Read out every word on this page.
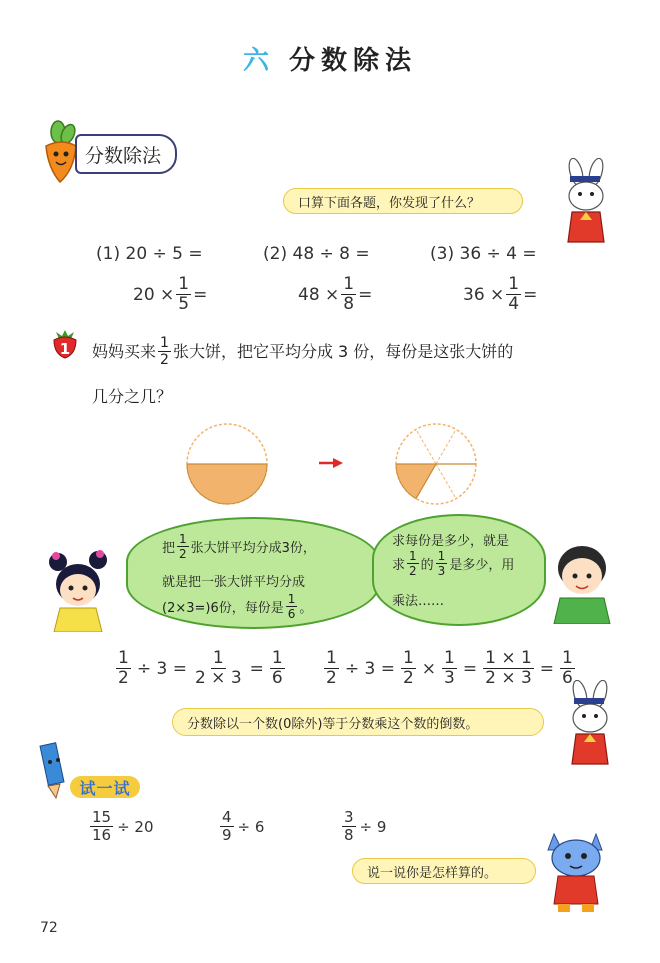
六 分数除法
分数除法
口算下面各题，你发现了什么？
(1) 20 ÷ 5 =	(2) 48 ÷ 8 =	(3) 36 ÷ 4 =
$20 \times \frac{1}{5}$ =	$48 \times \frac{1}{8}$ =	$36 \times \frac{1}{4}$ =
1 妈妈买来 $\frac{1}{2}$ 张大饼，把它平均分成 3 份，每份是这张大饼的
几分之几？
把 $\frac{1}{2}$ 张大饼平均分成3份，
就是把一张大饼平均分成
(2×3=)6份，每份是 $\frac{1}{6}$ 。
求每份是多少，就是
求 $\frac{1}{2}$ 的 $\frac{1}{3}$ 是多少，用
乘法……
$\frac{1}{2} \div 3 = \frac{1}{2 \times 3} = \frac{1}{6} \frac{1}{2} \div 3 = \frac{1}{2} \times \frac{1}{3} = \frac{1 \times 1}{2 \times 3} = \frac{1}{6}$
分数除以一个数(0除外)等于分数乘这个数的倒数。
试一试
$\frac{15}{16} \div 20$	$\frac{4}{9} \div 6$	$\frac{3}{8} \div 9$
说一说你是怎样算的。
72
